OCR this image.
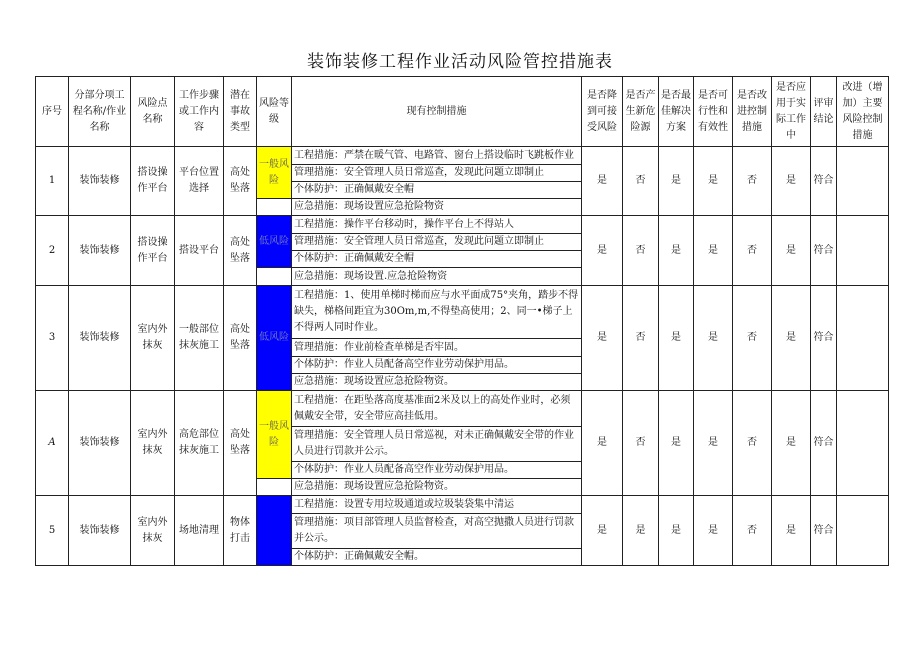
装饰装修工程作业活动风险管控措施表
序号	分部分项工程名称/作业名称	风险点名称	工作步骤或工作内容	潜在事故类型	风险等级	现有控制措施	是否降到可接受风险	是否产生新危险源	是否最佳解决方案	是否可行性和有效性	是否改进控制措施	是否应用于实际工作中	评审结论	改进（增加）主要风险控制措施
1	装饰装修	搭设操作平台	平台位置选择	高处坠落	一般风险	工程措施：严禁在暖气管、电路管、窗台上搭设临时飞跳板作业	是	否	是	是	否	是	符合	
						管理措施：安全管理人员日常巡查，发现此问题立即制止								
						个体防护：正确佩戴安全帽								
						应急措施：现场设置应急抢险物资								
2	装饰装修	搭设操作平台	搭设平台	高处坠落	低风险	工程措施：操作平台移动时，操作平台上不得站人	是	否	是	是	否	是	符合	
						管理措施：安全管理人员日常巡查，发现此问题立即制止								
						个体防护：正确佩戴安全帽								
						应急措施：现场设置.应急抢险物资								
3	装饰装修	室内外抹灰	一般部位抹灰施工	高处坠落	低风险	工程措施：1、使用单梯时梯而应与水平面成75°夹角，踏步不得缺失，梯格间距宜为30Om,m,不得垫高使用；2、同一•梯子上不得两人同时作业。	是	否	是	是	否	是	符合	
						管理措施：作业前检查单梯是否牢固。								
						个体防护：作业人员配备高空作业劳动保护用品。								
						应急措施：现场设置应急抢险物资。								
A	装饰装修	室内外抹灰	高危部位抹灰施工	高处坠落	一般风险	工程措施：在距坠落高度基准面2米及以上的高处作业时，必须佩戴安全带，安全带应高挂低用。	是	否	是	是	否	是	符合	
						管理措施：安全管理人员日常巡视，对未正确佩戴安全带的作业人员进行罚款并公示。								
						个体防护：作业人员配备高空作业劳动保护用品。								
						应急措施：现场设置应急抢险物资。								
5	装饰装修	室内外抹灰	场地清理	物体打击		工程措施：设置专用垃圾通道或垃圾装袋集中清运	是	是	是	是	否	是	符合	
						管理措施：项目部管理人员监督检查，对高空抛撒人员进行罚款并公示。								
						个体防护：正确佩戴安全帽。								
